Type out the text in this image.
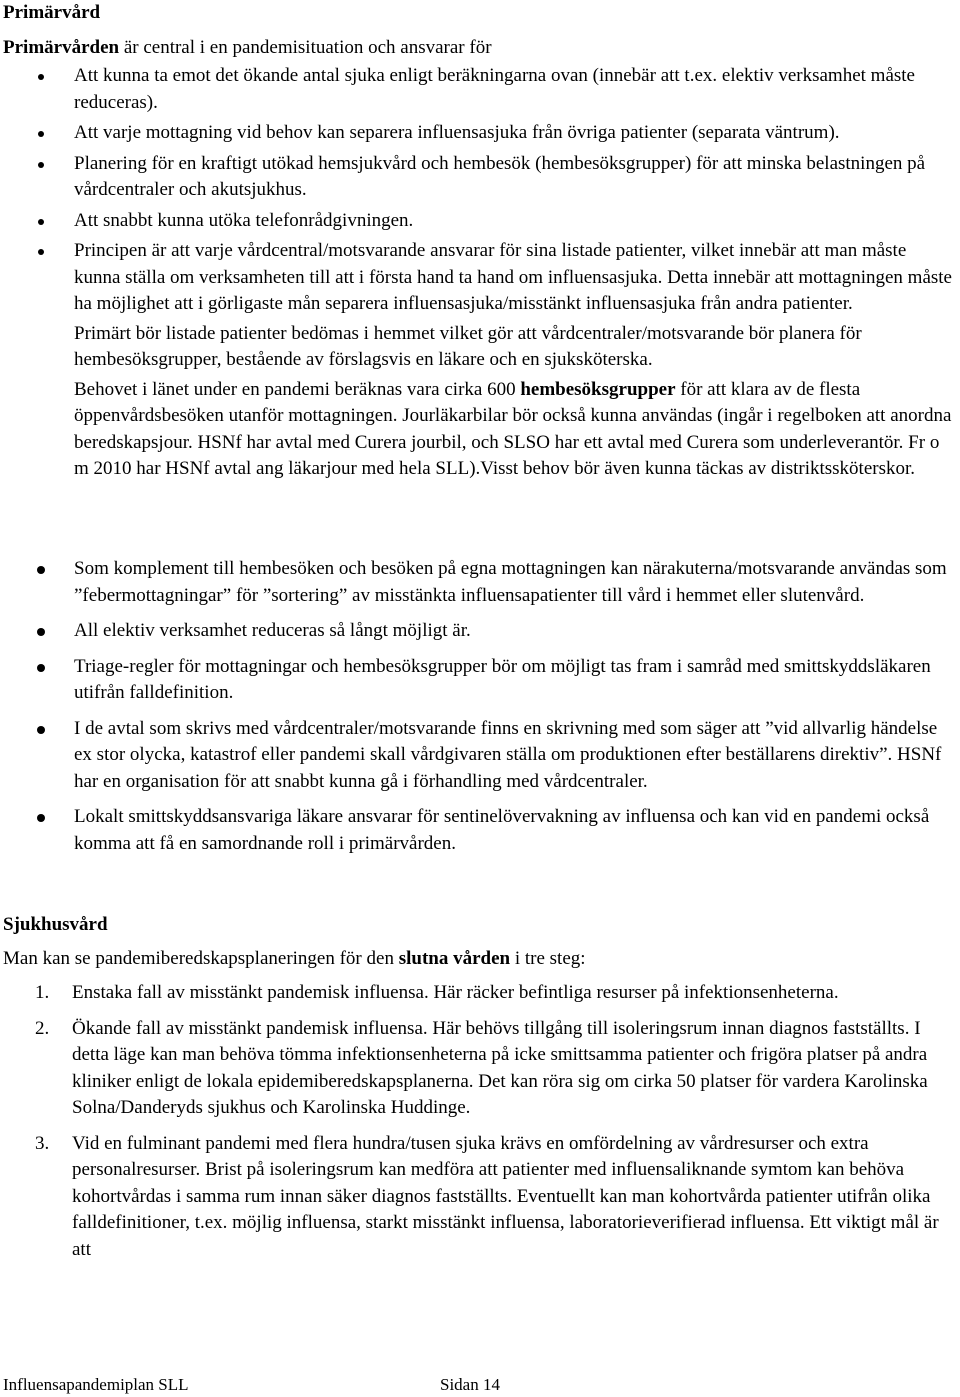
Primärvård

Primärvården är central i en pandemisituation och ansvarar för

Att kunna ta emot det ökande antal sjuka enligt beräkningarna ovan (innebär att t.ex. elektiv verksamhet måste reduceras).
Att varje mottagning vid behov kan separera influensasjuka från övriga patienter (separata väntrum).
Planering för en kraftigt utökad hemsjukvård och hembesök (hembesöksgrupper) för att minska belastningen på vårdcentraler och akutsjukhus.
Att snabbt kunna utöka telefonrådgivningen.
Principen är att varje vårdcentral/motsvarande ansvarar för sina listade patienter, vilket innebär att man måste kunna ställa om verksamheten till att i första hand ta hand om influensasjuka. Detta innebär att mottagningen måste ha möjlighet att i görligaste mån separera influensasjuka/misstänkt influensasjuka från andra patienter.
Primärt bör listade patienter bedömas i hemmet vilket gör att vårdcentraler/motsvarande bör planera för hembesöksgrupper, bestående av förslagsvis en läkare och en sjuksköterska.
Behovet i länet under en pandemi beräknas vara cirka 600 hembesöksgrupper för att klara av de flesta öppenvårdsbesöken utanför mottagningen. Jourläkarbilar bör också kunna användas (ingår i regelboken att anordna beredskapsjour. HSNf har avtal med Curera jourbil, och SLSO har ett avtal med Curera som underleverantör. Fr o m 2010 har HSNf avtal ang läkarjour med hela SLL).Visst behov bör även kunna täckas av distriktssköterskor.
Som komplement till hembesöken och besöken på egna mottagningen kan närakuterna/motsvarande användas som ”febermottagningar” för ”sortering” av misstänkta influensapatienter till vård i hemmet eller slutenvård.
All elektiv verksamhet reduceras så långt möjligt är.
Triage-regler för mottagningar och hembesöksgrupper bör om möjligt tas fram i samråd med smittskyddsläkaren utifrån falldefinition.
I de avtal som skrivs med vårdcentraler/motsvarande finns en skrivning med som säger att ”vid allvarlig händelse ex stor olycka, katastrof eller pandemi skall vårdgivaren ställa om produktionen efter beställarens direktiv”. HSNf har en organisation för att snabbt kunna gå i förhandling med vårdcentraler.
Lokalt smittskyddsansvariga läkare ansvarar för sentinelövervakning av influensa och kan vid en pandemi också komma att få en samordnande roll i primärvården.
Sjukhusvård

Man kan se pandemiberedskapsplaneringen för den slutna vården i tre steg:

1. Enstaka fall av misstänkt pandemisk influensa. Här räcker befintliga resurser på infektionsenheterna.
2. Ökande fall av misstänkt pandemisk influensa. Här behövs tillgång till isoleringsrum innan diagnos fastställts. I detta läge kan man behöva tömma infektionsenheterna på icke smittsamma patienter och frigöra platser på andra kliniker enligt de lokala epidemiberedskapsplanerna. Det kan röra sig om cirka 50 platser för vardera Karolinska Solna/Danderyds sjukhus och Karolinska Huddinge.
3. Vid en fulminant pandemi med flera hundra/tusen sjuka krävs en omfördelning av vårdresurser och extra personalresurser. Brist på isoleringsrum kan medföra att patienter med influensaliknande symtom kan behöva kohortvårdas i samma rum innan säker diagnos fastställts. Eventuellt kan man kohortvårda patienter utifrån olika falldefinitioner, t.ex. möjlig influensa, starkt misstänkt influensa, laboratorieverifierad influensa. Ett viktigt mål är att
Influensapandemiplan SLL	Sidan 14
